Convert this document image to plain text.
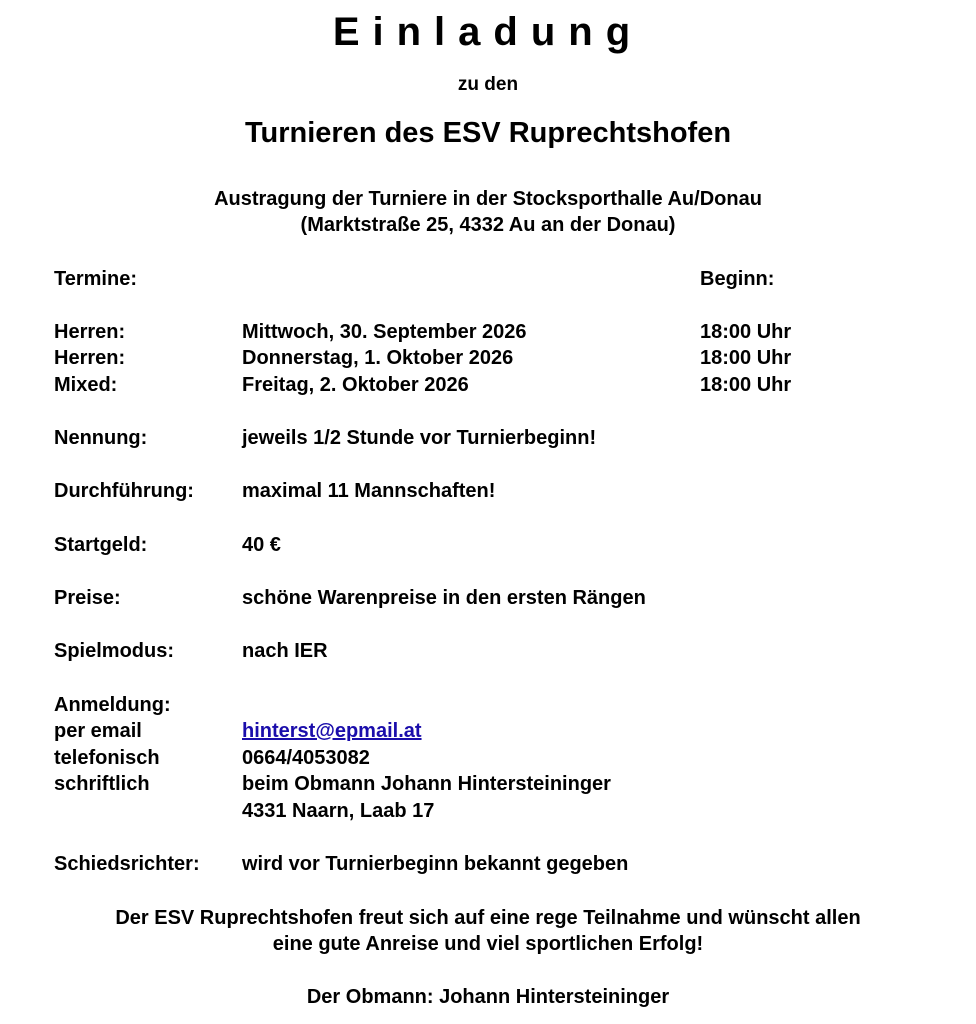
Einladung
zu den
Turnieren des ESV Ruprechtshofen
Austragung der Turniere in der Stocksporthalle Au/Donau
(Marktstraße 25, 4332 Au an der Donau)
Termine:	Beginn:
Herren:	Mittwoch, 30. September 2026	18:00 Uhr
Herren:	Donnerstag, 1. Oktober 2026	18:00 Uhr
Mixed:	Freitag, 2. Oktober 2026	18:00 Uhr
Nennung:	jeweils 1/2 Stunde vor Turnierbeginn!
Durchführung: maximal 11 Mannschaften!
Startgeld:	40 €
Preise:	schöne Warenpreise in den ersten Rängen
Spielmodus:	nach IER
Anmeldung:
per email	hinterst@epmail.at
telefonisch	0664/4053082
schriftlich	beim Obmann Johann Hintersteininger
4331 Naarn, Laab 17
Schiedsrichter: wird vor Turnierbeginn bekannt gegeben
Der ESV Ruprechtshofen freut sich auf eine rege Teilnahme und wünscht allen
eine gute Anreise und viel sportlichen Erfolg!
Der Obmann: Johann Hintersteininger
